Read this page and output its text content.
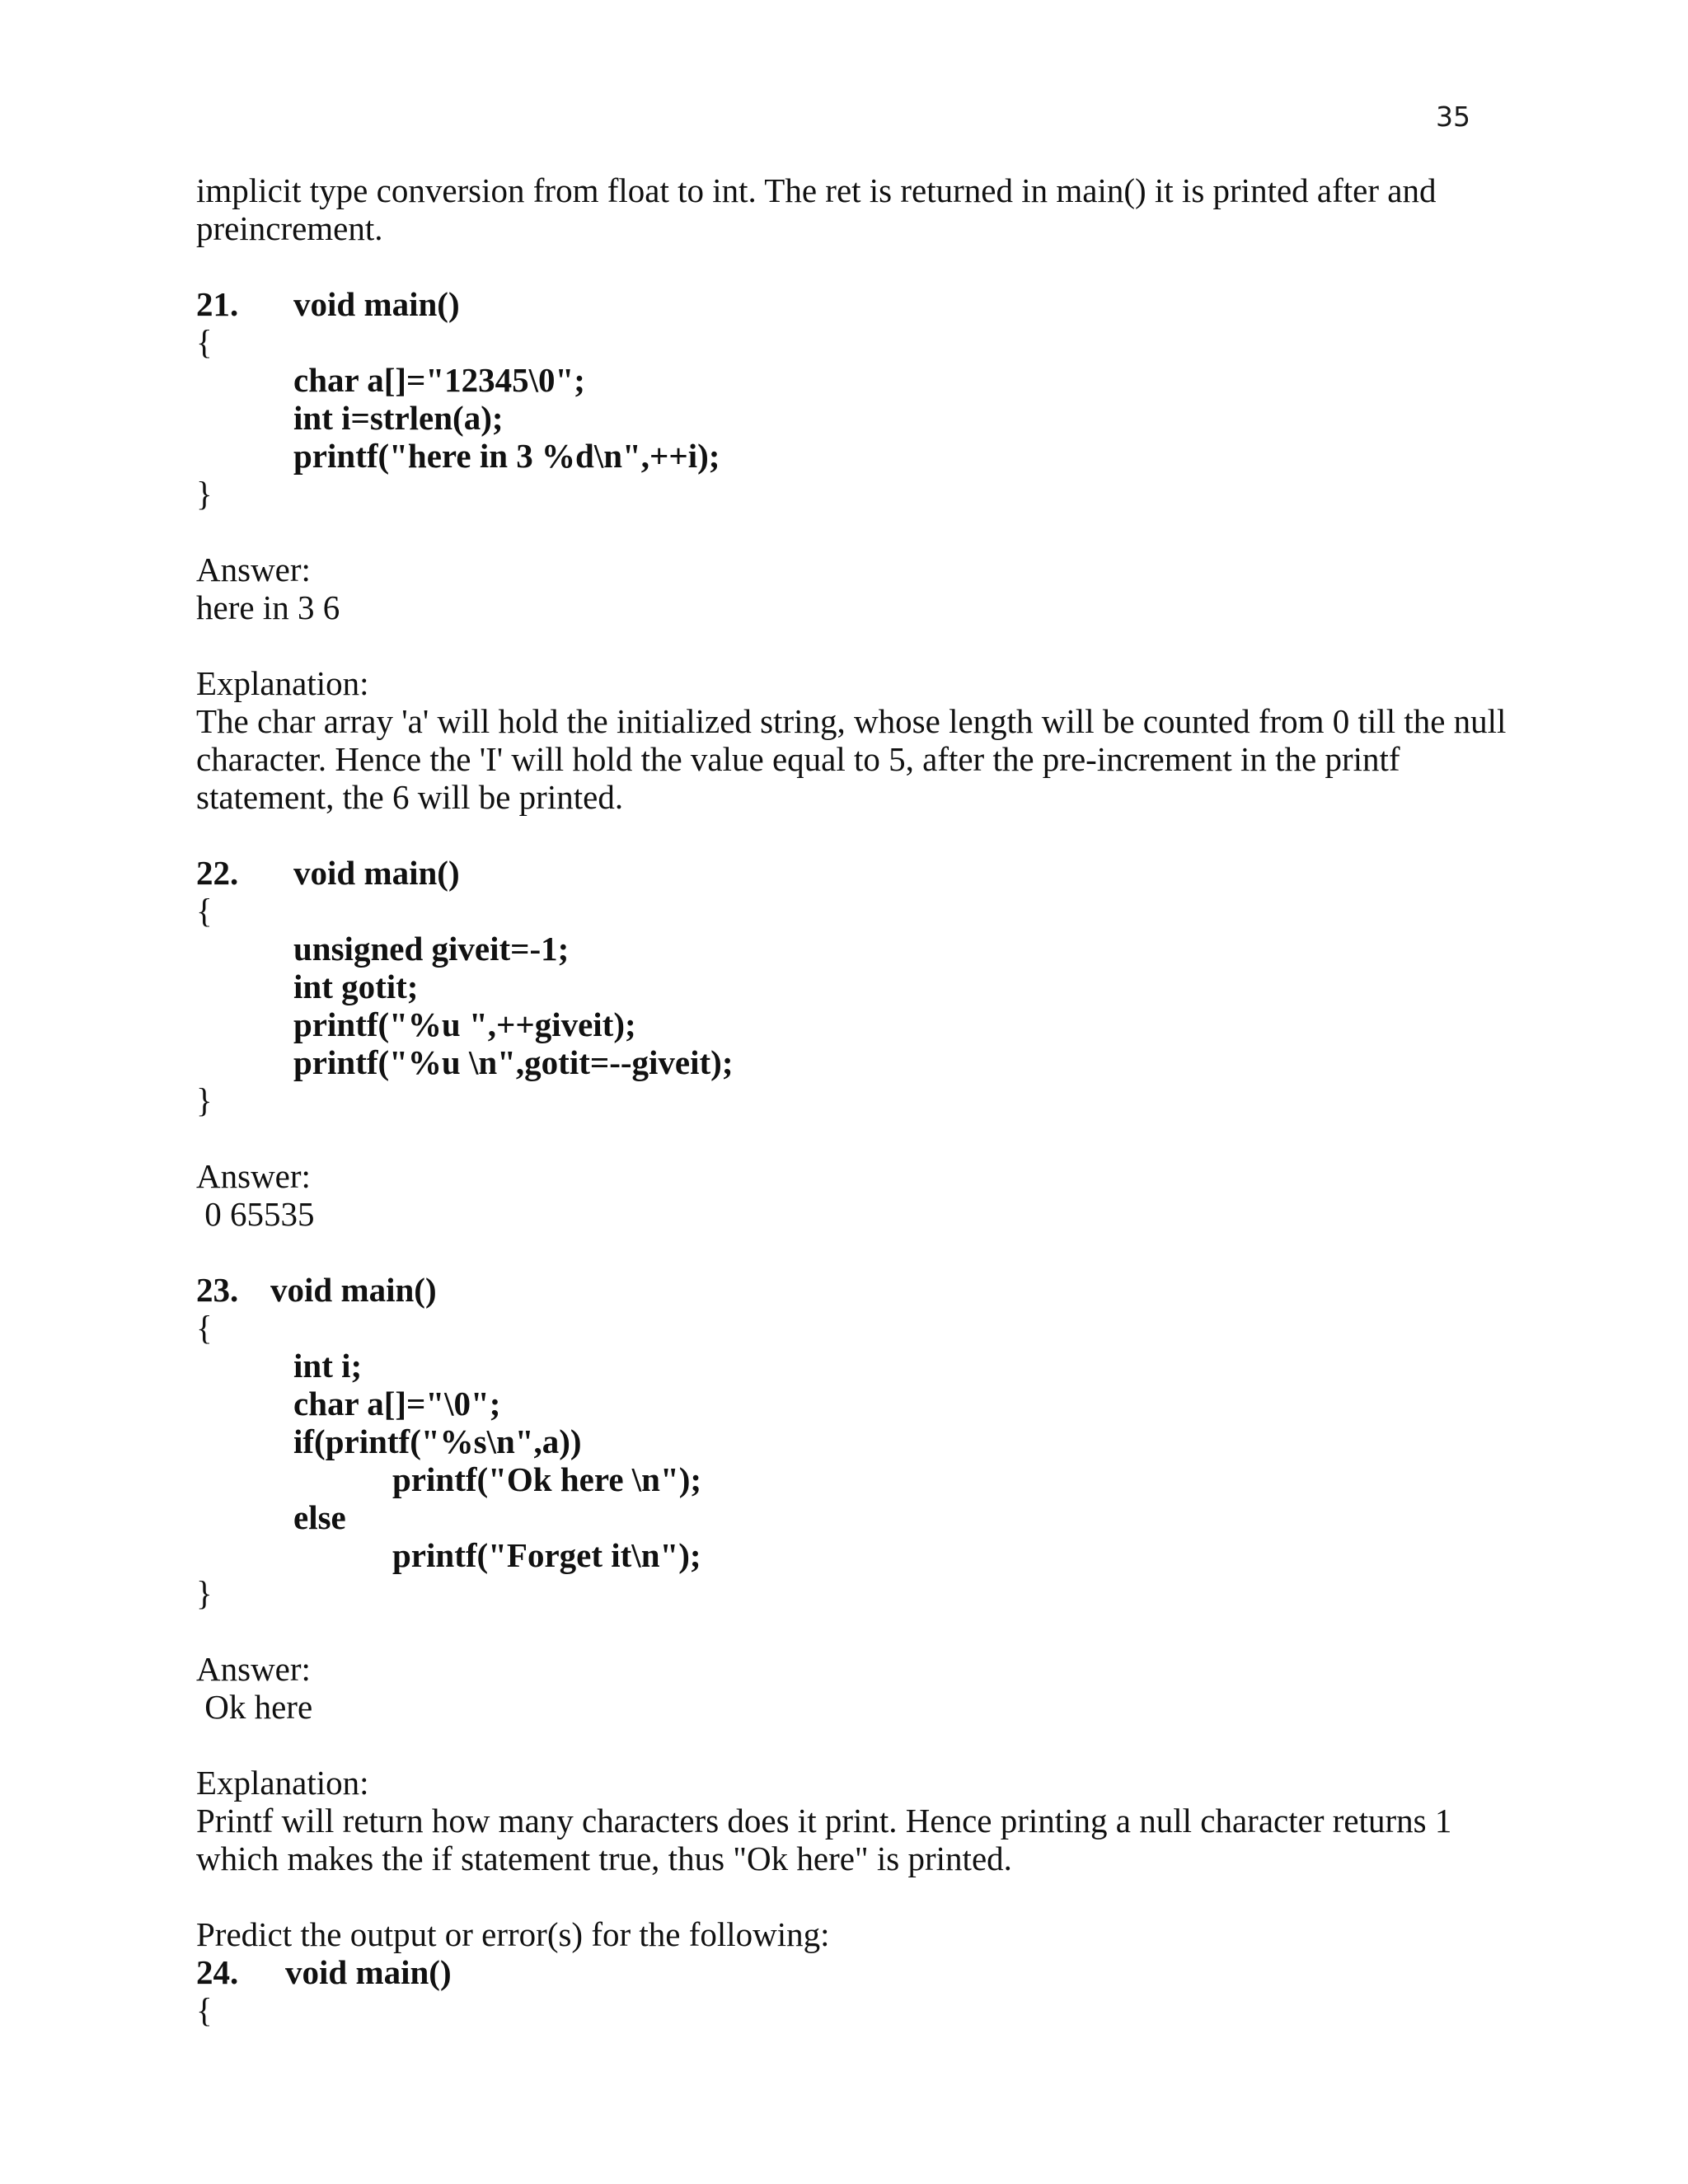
35
implicit type conversion from float to int. The ret is returned in main() it is printed after and
preincrement.
21.	void main()
{
char a[]="12345\0";
int i=strlen(a);
printf("here in 3 %d\n",++i);
}
Answer:
here in 3 6
Explanation:
The char array 'a' will hold the initialized string, whose length will be counted from 0 till the null
character. Hence the 'I' will hold the value equal to 5, after the pre-increment in the printf
statement, the 6 will be printed.
22.	void main()
{
unsigned giveit=-1;
int gotit;
printf("%u ",++giveit);
printf("%u \n",gotit=--giveit);
}
Answer:
0 65535
23. void main()
{
int i;
char a[]="\0";
if(printf("%s\n",a))
printf("Ok here \n");
else
printf("Forget it\n");
}
Answer:
Ok here
Explanation:
Printf will return how many characters does it print. Hence printing a null character returns 1
which makes the if statement true, thus "Ok here" is printed.
Predict the output or error(s) for the following:
24.	void main()
{
